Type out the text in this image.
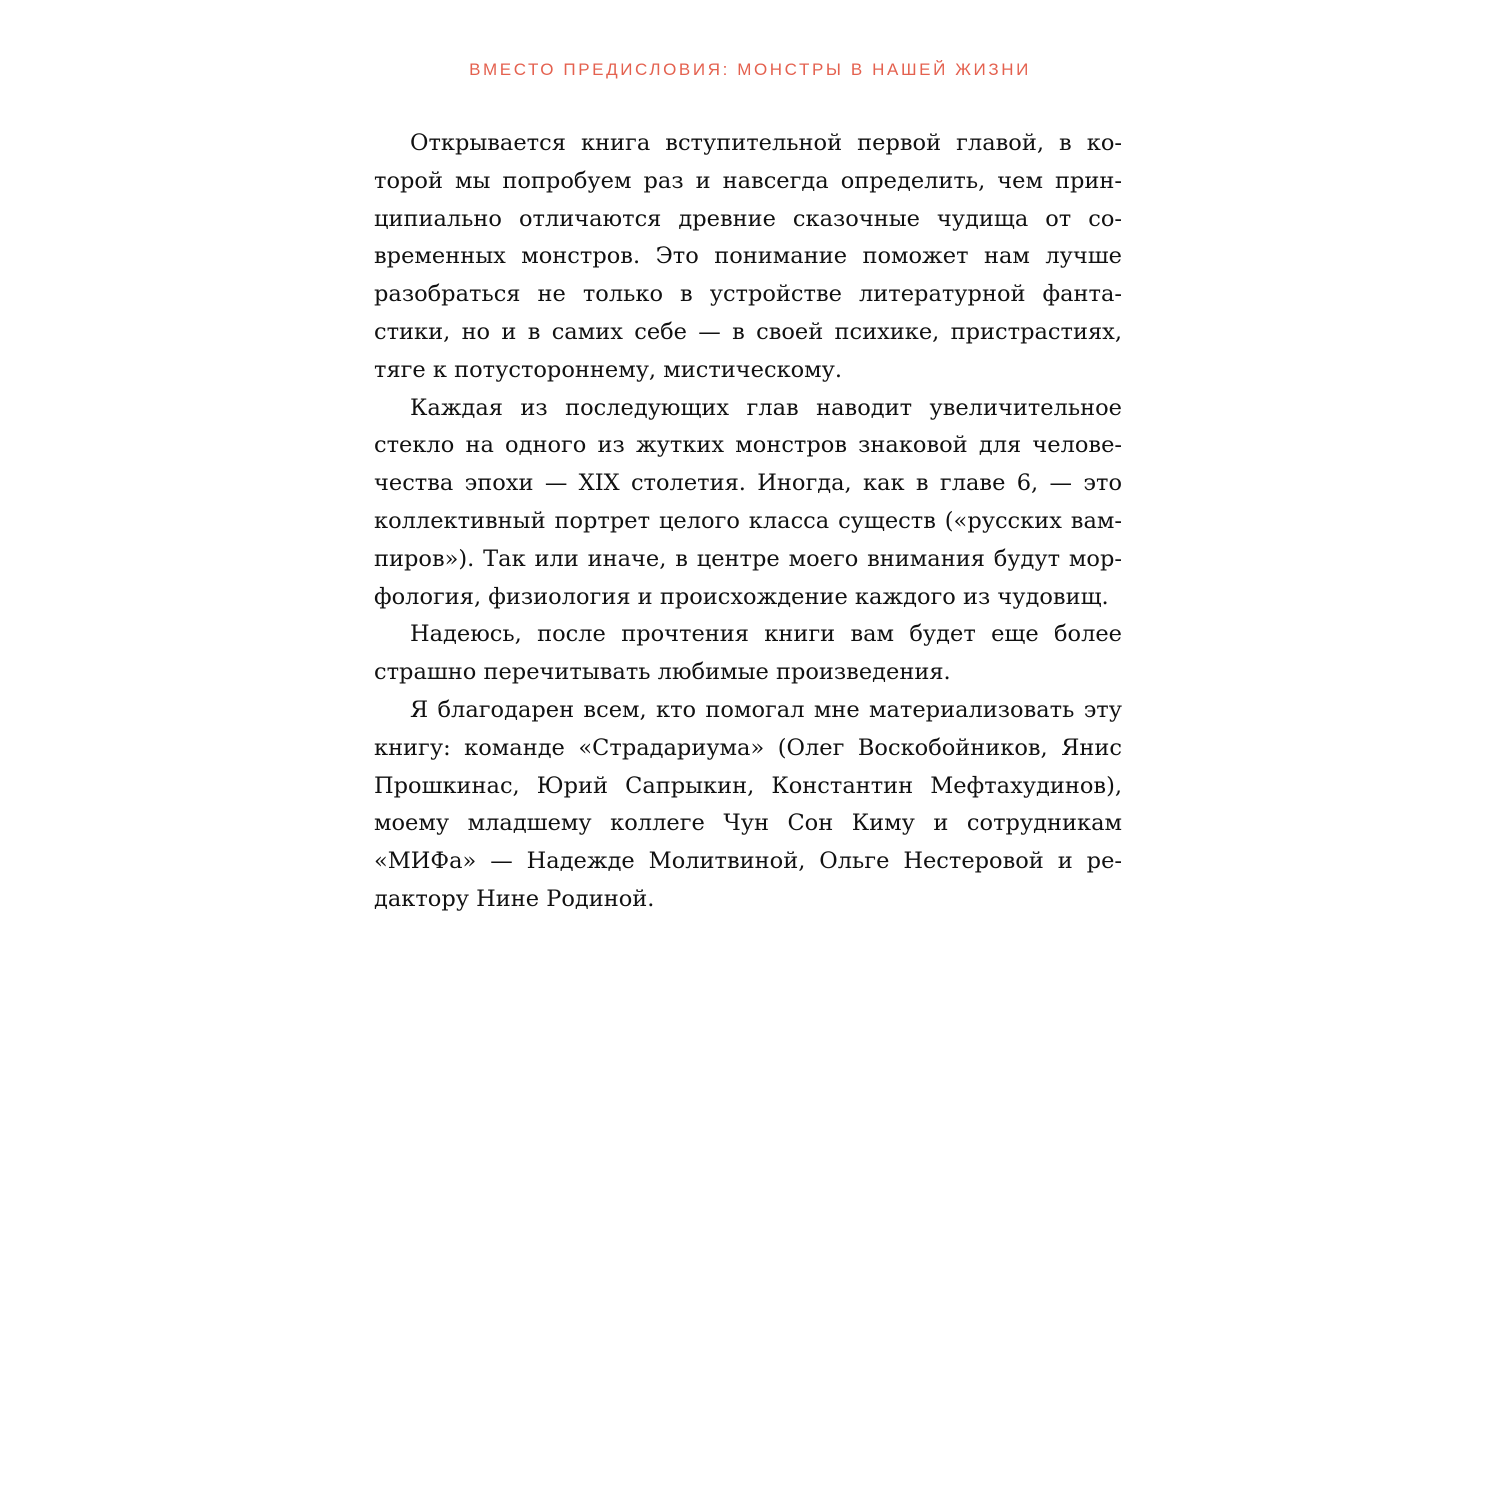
ВМЕСТО ПРЕДИСЛОВИЯ: МОНСТРЫ В НАШЕЙ ЖИЗНИ
Открывается книга вступительной первой главой, в ко-
торой мы попробуем раз и навсегда определить, чем прин-
ципиально отличаются древние сказочные чудища от со-
временных монстров. Это понимание поможет нам лучше
разобраться не только в устройстве литературной фанта-
стики, но и в самих себе — в своей психике, пристрастиях,
тяге к потустороннему, мистическому.
Каждая из последующих глав наводит увеличительное
стекло на одного из жутких монстров знаковой для челове-
чества эпохи — XIX столетия. Иногда, как в главе 6, — это
коллективный портрет целого класса существ («русских вам-
пиров»). Так или иначе, в центре моего внимания будут мор-
фология, физиология и происхождение каждого из чудовищ.
Надеюсь, после прочтения книги вам будет еще более
страшно перечитывать любимые произведения.
Я благодарен всем, кто помогал мне материализовать эту
книгу: команде «Страдариума» (Олег Воскобойников, Янис
Прошкинас, Юрий Сапрыкин, Константин Мефтахудинов),
моему младшему коллеге Чун Сон Киму и сотрудникам
«МИФа» — Надежде Молитвиной, Ольге Нестеровой и ре-
дактору Нине Родиной.
